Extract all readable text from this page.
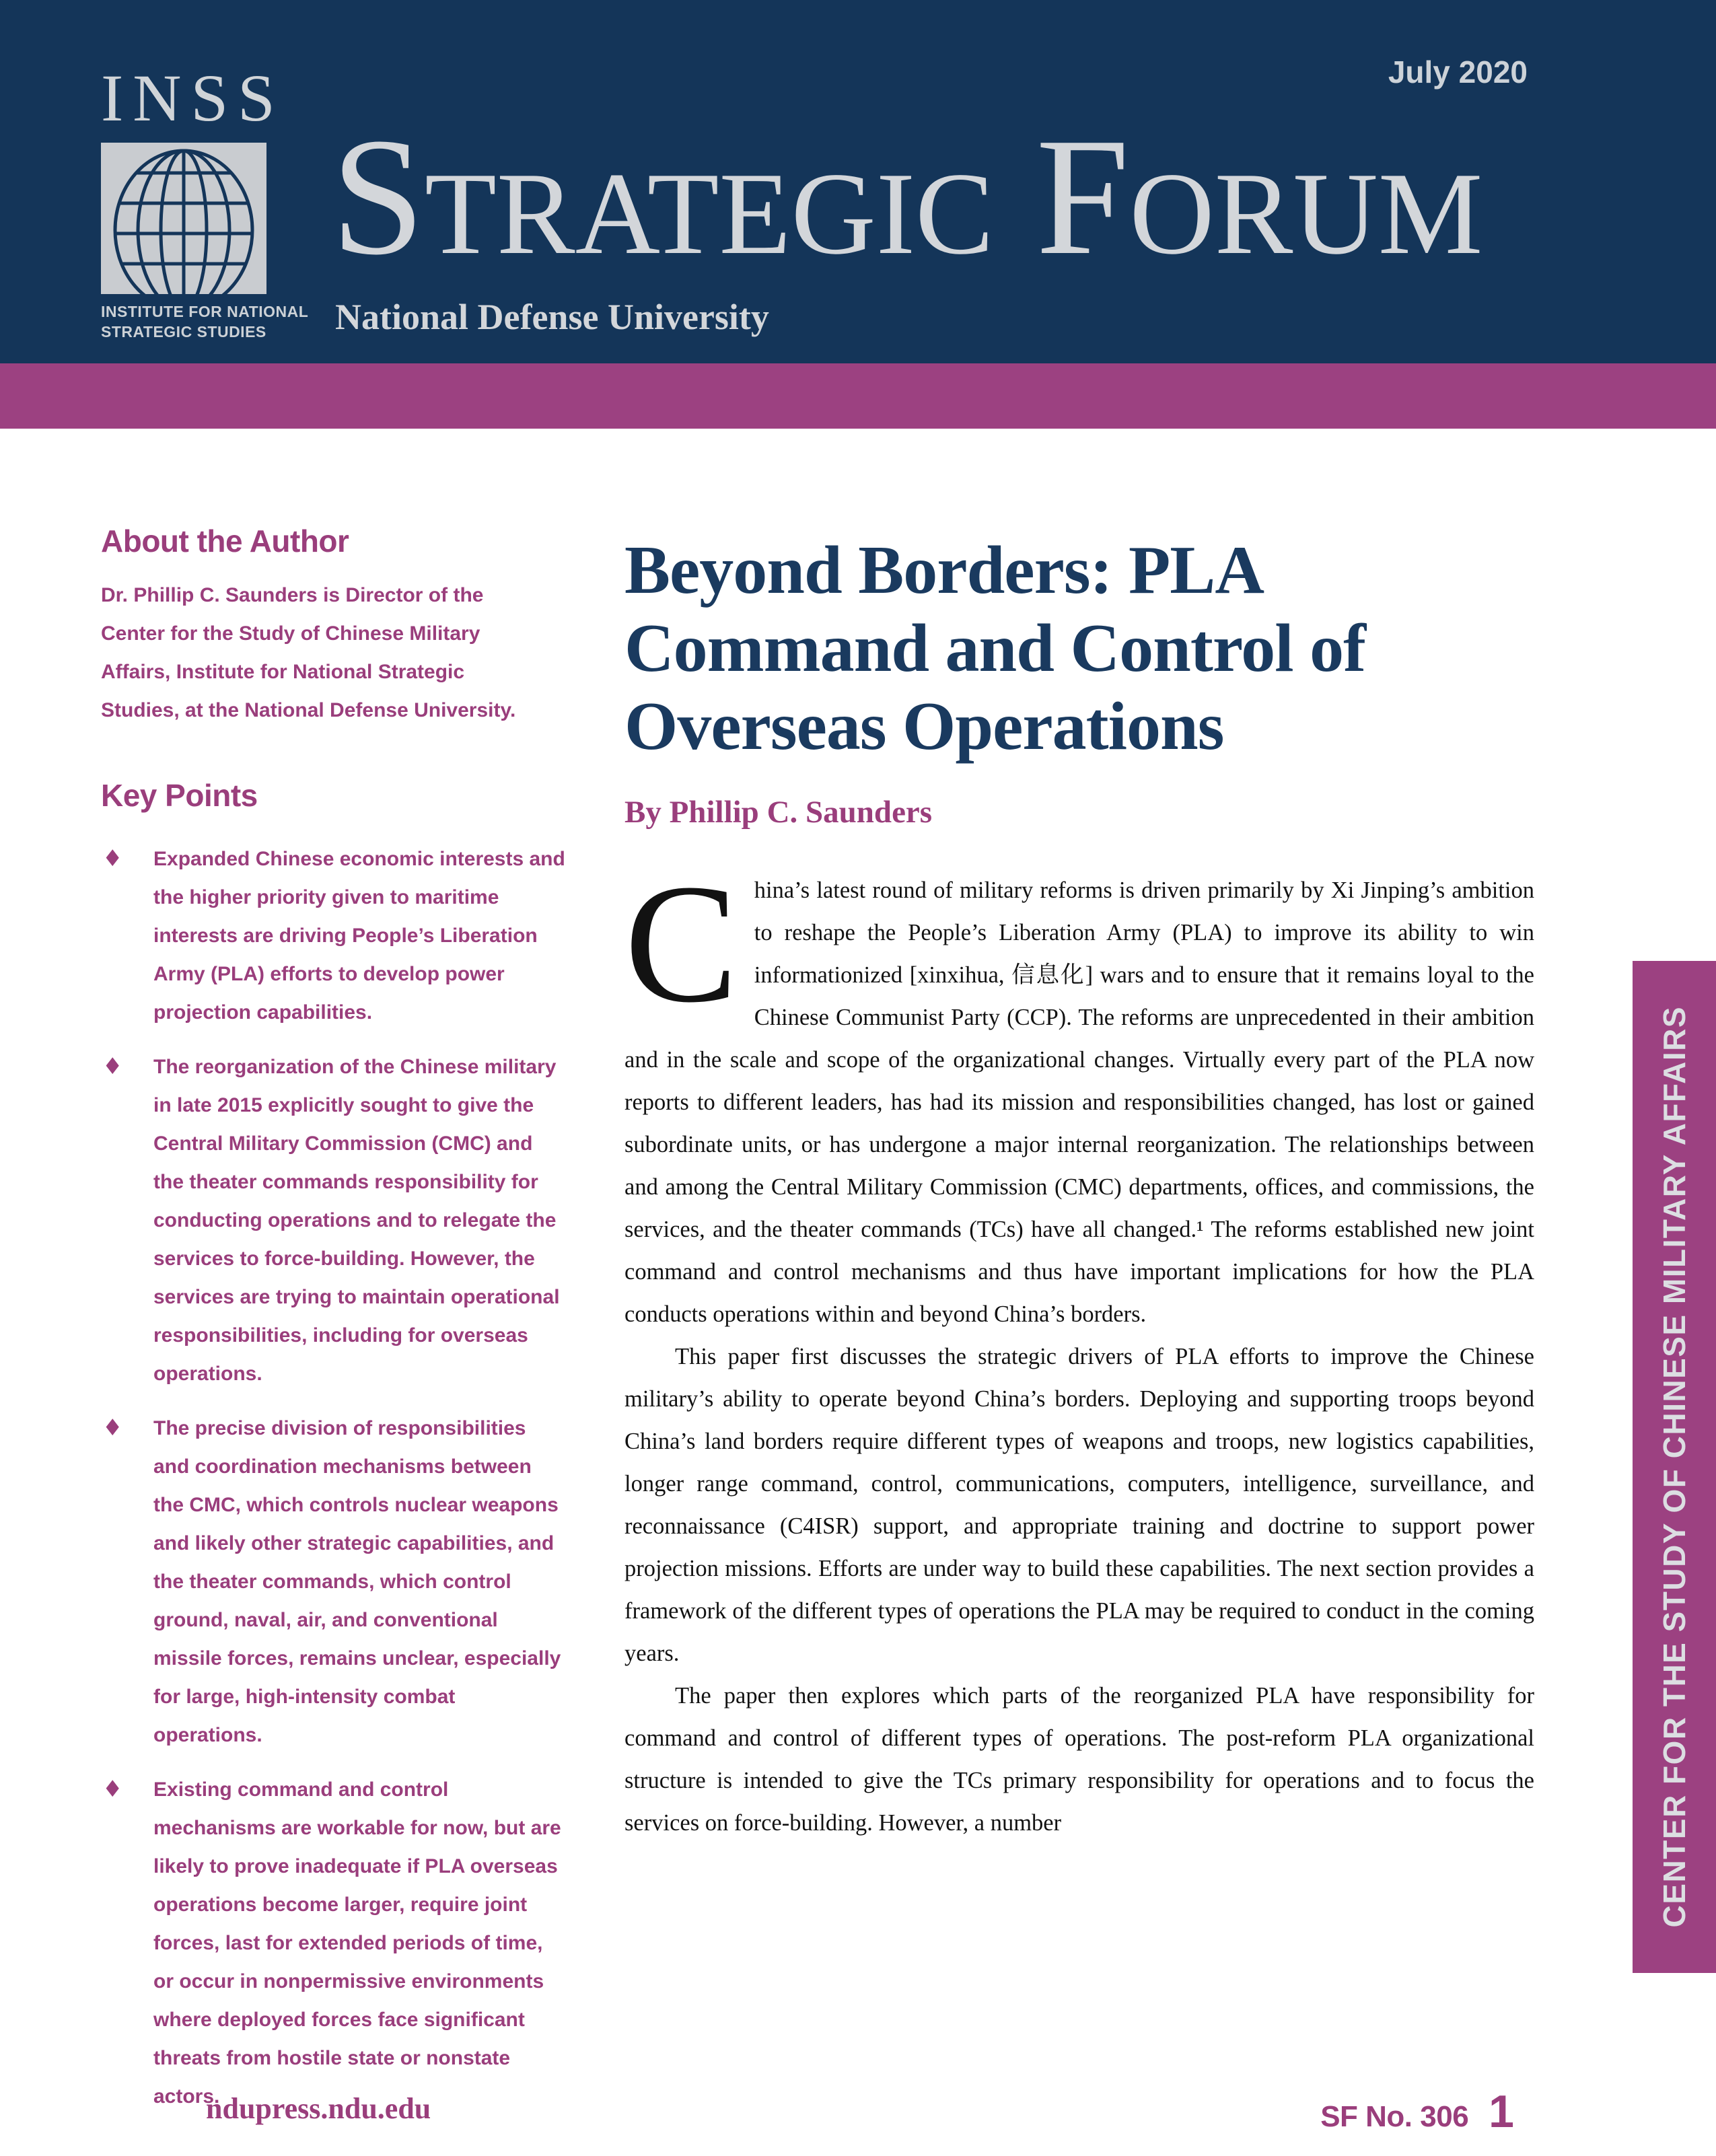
July 2020
INSS
INSTITUTE FOR NATIONAL
STRATEGIC STUDIES
Strategic Forum
National Defense University
About the Author

Dr. Phillip C. Saunders is Director of the Center for the Study of Chinese Military Affairs, Institute for National Strategic Studies, at the National Defense University.

Key Points
♦ Expanded Chinese economic interests and the higher priority given to maritime interests are driving People’s Liberation Army (PLA) efforts to develop power projection capabilities.
♦ The reorganization of the Chinese military in late 2015 explicitly sought to give the Central Military Commission (CMC) and the theater commands responsibility for conducting operations and to relegate the services to force-building. However, the services are trying to maintain operational responsibilities, including for overseas operations.
♦ The precise division of responsibilities and coordination mechanisms between the CMC, which controls nuclear weapons and likely other strategic capabilities, and the theater commands, which control ground, naval, air, and conventional missile forces, remains unclear, especially for large, high-intensity combat operations.
♦ Existing command and control mechanisms are workable for now, but are likely to prove inadequate if PLA overseas operations become larger, require joint forces, last for extended periods of time, or occur in nonpermissive environments where deployed forces face significant threats from hostile state or nonstate actors.
Beyond Borders: PLA Command and Control of Overseas Operations
By Phillip C. Saunders

C hina’s latest round of military reforms is driven primarily by Xi Jinping’s ambition to reshape the People’s Liberation Army (PLA) to improve its ability to win informationized [xinxihua, 信息化] wars and to ensure that it remains loyal to the Chinese Communist Party (CCP). The reforms are unprecedented in their ambition and in the scale and scope of the organizational changes. Virtually every part of the PLA now reports to different leaders, has had its mission and responsibilities changed, has lost or gained subordinate units, or has undergone a major internal reorganization. The relationships between and among the Central Military Commission (CMC) departments, offices, and commissions, the services, and the theater commands (TCs) have all changed.¹ The reforms established new joint command and control mechanisms and thus have important implications for how the PLA conducts operations within and beyond China’s borders.

This paper first discusses the strategic drivers of PLA efforts to improve the Chinese military’s ability to operate beyond China’s borders. Deploying and supporting troops beyond China’s land borders require different types of weapons and troops, new logistics capabilities, longer range command, control, communications, computers, intelligence, surveillance, and reconnaissance (C4ISR) support, and appropriate training and doctrine to support power projection missions. Efforts are under way to build these capabilities. The next section provides a framework of the different types of operations the PLA may be required to conduct in the coming years.

The paper then explores which parts of the reorganized PLA have responsibility for command and control of different types of operations. The post-reform PLA organizational structure is intended to give the TCs primary responsibility for operations and to focus the services on force-building. However, a number	CENTER FOR THE STUDY OF CHINESE MILITARY AFFAIRS
ndupress.ndu.edu	SF No. 306 1
